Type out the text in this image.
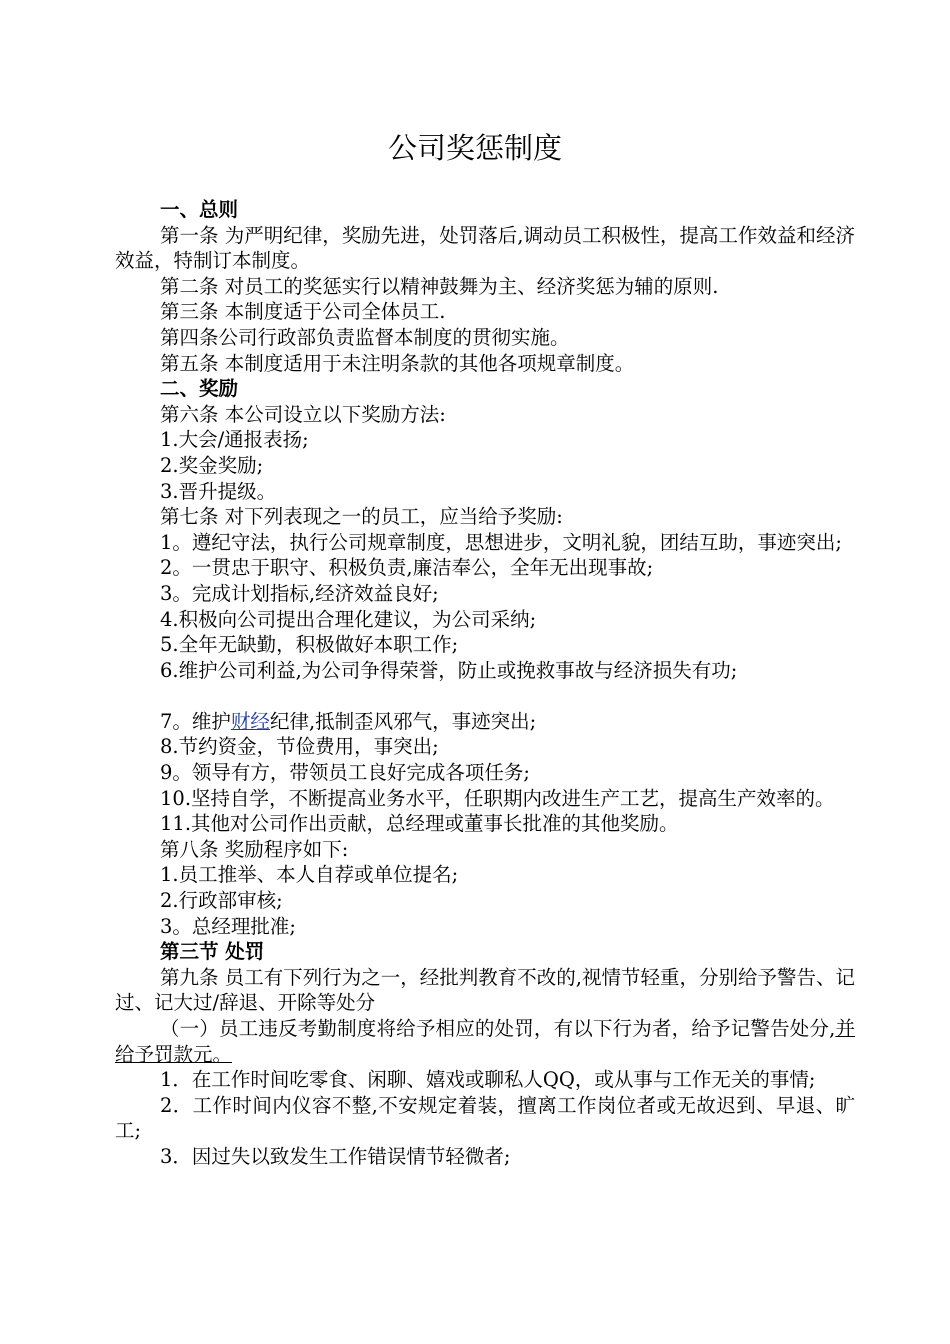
公司奖惩制度

一、总则

第一条 为严明纪律，奖励先进，处罚落后,调动员工积极性，提高工作效益和经济效益，特制订本制度。

第二条 对员工的奖惩实行以精神鼓舞为主、经济奖惩为辅的原则.

第三条 本制度适于公司全体员工.

第四条公司行政部负责监督本制度的贯彻实施。

第五条 本制度适用于未注明条款的其他各项规章制度。

二、奖励

第六条 本公司设立以下奖励方法:

1.大会/通报表扬;

2.奖金奖励;

3.晋升提级。

第七条 对下列表现之一的员工，应当给予奖励:

1。遵纪守法，执行公司规章制度，思想进步，文明礼貌，团结互助，事迹突出;

2。一贯忠于职守、积极负责,廉洁奉公，全年无出现事故;

3。完成计划指标,经济效益良好;

4.积极向公司提出合理化建议，为公司采纳;

5.全年无缺勤，积极做好本职工作;

6.维护公司利益,为公司争得荣誉，防止或挽救事故与经济损失有功;

7。维护财经纪律,抵制歪风邪气，事迹突出;

8.节约资金，节俭费用，事突出;

9。领导有方，带领员工良好完成各项任务;

10.坚持自学，不断提高业务水平，任职期内改进生产工艺，提高生产效率的。

11.其他对公司作出贡献，总经理或董事长批准的其他奖励。

第八条 奖励程序如下:

1.员工推举、本人自荐或单位提名;

2.行政部审核;

3。总经理批准;

第三节 处罚

第九条 员工有下列行为之一，经批判教育不改的,视情节轻重，分别给予警告、记过、记大过/辞退、开除等处分

（一）员工违反考勤制度将给予相应的处罚，有以下行为者，给予记警告处分,并给予罚款元。

1．在工作时间吃零食、闲聊、嬉戏或聊私人QQ，或从事与工作无关的事情;

2．工作时间内仪容不整,不安规定着装，擅离工作岗位者或无故迟到、早退、旷工;

3．因过失以致发生工作错误情节轻微者;
